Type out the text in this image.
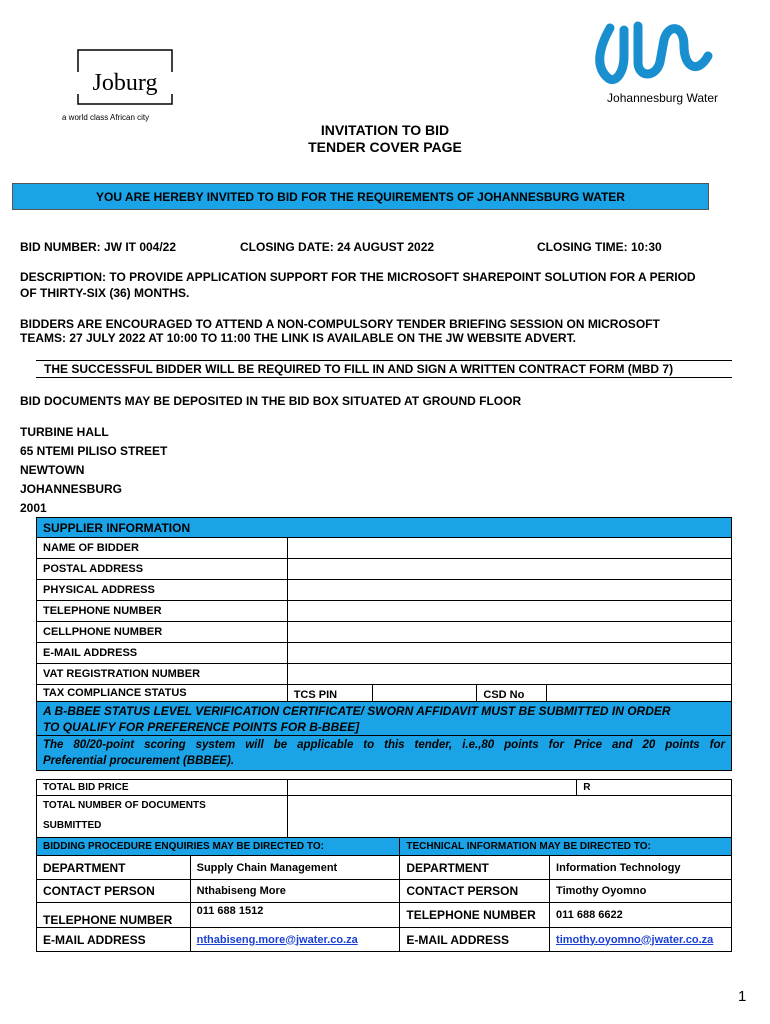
Joburg
a world class African city
Johannesburg Water
INVITATION TO BID
TENDER COVER PAGE
YOU ARE HEREBY INVITED TO BID FOR THE REQUIREMENTS OF JOHANNESBURG WATER
BID NUMBER: JW IT 004/22	CLOSING DATE: 24 AUGUST 2022	CLOSING TIME: 10:30
DESCRIPTION: TO PROVIDE APPLICATION SUPPORT FOR THE MICROSOFT SHAREPOINT SOLUTION FOR A PERIOD
OF THIRTY-SIX (36) MONTHS.
BIDDERS ARE ENCOURAGED TO ATTEND A NON-COMPULSORY TENDER BRIEFING SESSION ON MICROSOFT
TEAMS: 27 JULY 2022 AT 10:00 TO 11:00 THE LINK IS AVAILABLE ON THE JW WEBSITE ADVERT.
THE SUCCESSFUL BIDDER WILL BE REQUIRED TO FILL IN AND SIGN A WRITTEN CONTRACT FORM (MBD 7)
BID DOCUMENTS MAY BE DEPOSITED IN THE BID BOX SITUATED AT GROUND FLOOR
TURBINE HALL
65 NTEMI PILISO STREET
NEWTOWN
JOHANNESBURG
2001
SUPPLIER INFORMATION				
NAME OF BIDDER				
POSTAL ADDRESS				
PHYSICAL ADDRESS				
TELEPHONE NUMBER				
CELLPHONE NUMBER				
E-MAIL ADDRESS				
VAT REGISTRATION NUMBER				
TAX COMPLIANCE STATUS	TCS PIN		CSD No	

A B-BBEE STATUS LEVEL VERIFICATION CERTIFICATE/ SWORN AFFIDAVIT MUST BE SUBMITTED IN ORDER
TO QUALIFY FOR PREFERENCE POINTS FOR B-BBEE]				

The 80/20-point scoring system will be applicable to this tender, i.e.,80 points for Price and 20 points for
Preferential procurement (BBBEE).				
TOTAL BID PRICE		R

TOTAL NUMBER OF DOCUMENTS
SUBMITTED		

BIDDING PROCEDURE ENQUIRIES MAY BE DIRECTED TO:		TECHNICAL INFORMATION MAY BE DIRECTED TO:	
DEPARTMENT	Supply Chain Management	DEPARTMENT	Information Technology
CONTACT PERSON	Nthabiseng More	CONTACT PERSON	Timothy Oyomno
TELEPHONE NUMBER	011 688 1512	TELEPHONE NUMBER	011 688 6622
E-MAIL ADDRESS	nthabiseng.more@jwater.co.za	E-MAIL ADDRESS	timothy.oyomno@jwater.co.za
1
